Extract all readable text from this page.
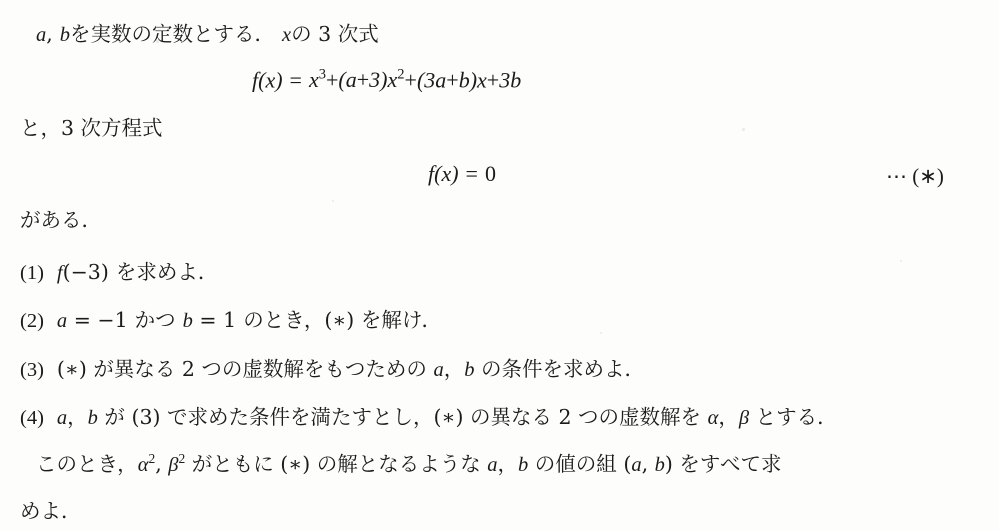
a, bを実数の定数とする． xの 3 次式
$f(x) = x^3+(a+3)x^2+(3a+b)x+3b$
と，3 次方程式
f(x) = 0	⋯ (∗)
がある．
(1) f(−3) を求めよ．
(2) a = −1 かつ b = 1 のとき，(∗) を解け．
(3) (∗) が異なる 2 つの虚数解をもつための a，b の条件を求めよ．
(4) a，b が (3) で求めた条件を満たすとし，(∗) の異なる 2 つの虚数解を α，β とする．
このとき，$\alpha^2$, $\beta^2$ がともに (∗) の解となるような a，b の値の組 (a, b) をすべて求
めよ．
